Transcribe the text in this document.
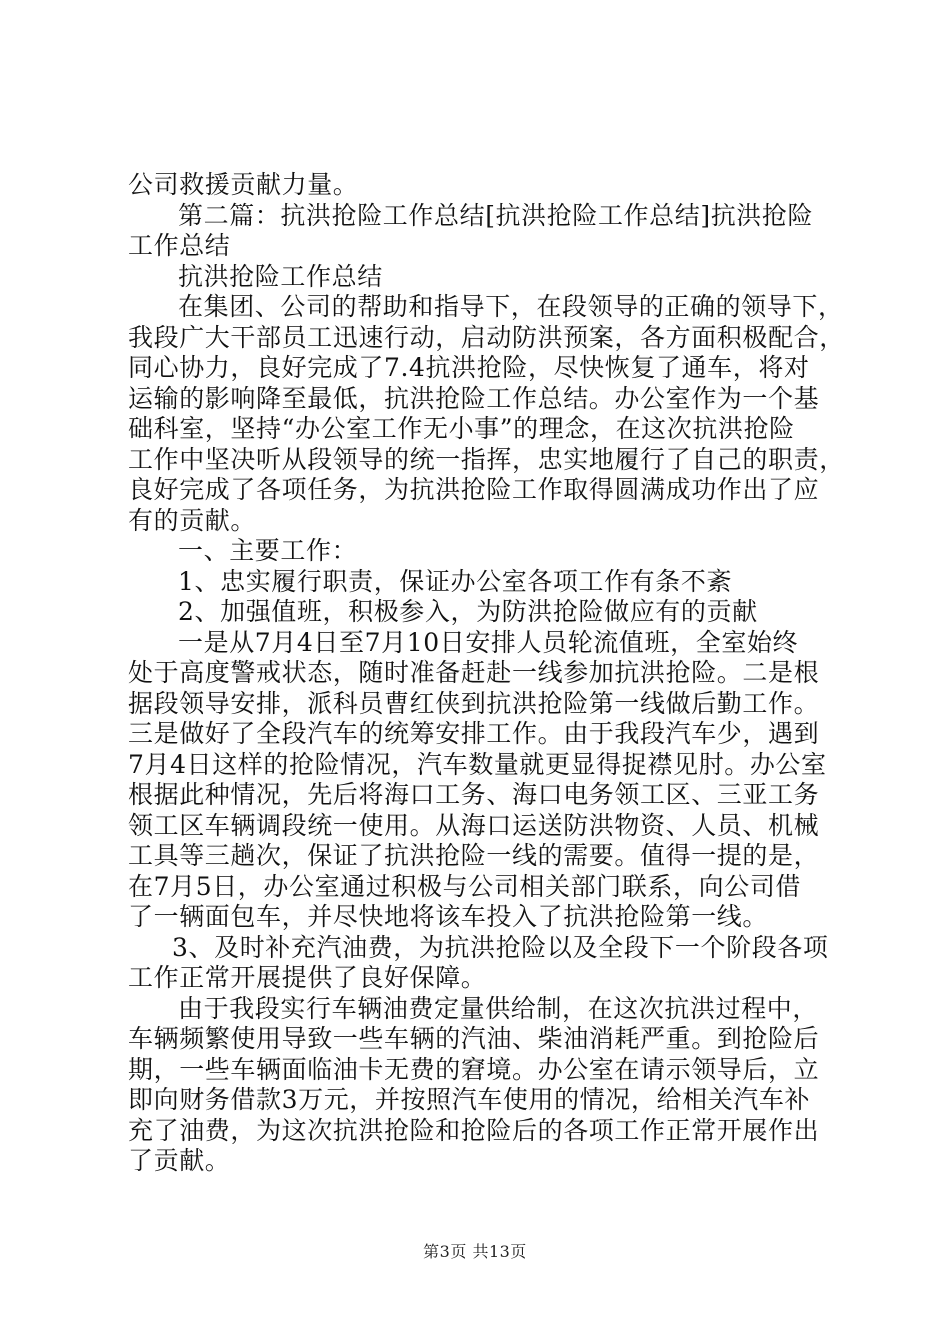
公司救援贡献力量。
第二篇：抗洪抢险工作总结[抗洪抢险工作总结]抗洪抢险
工作总结
抗洪抢险工作总结
在集团、公司的帮助和指导下，在段领导的正确的领导下，
我段广大干部员工迅速行动，启动防洪预案，各方面积极配合，
同心协力，良好完成了7.4抗洪抢险，尽快恢复了通车，将对
运输的影响降至最低，抗洪抢险工作总结。办公室作为一个基
础科室，坚持“办公室工作无小事”的理念，在这次抗洪抢险
工作中坚决听从段领导的统一指挥，忠实地履行了自己的职责，
良好完成了各项任务，为抗洪抢险工作取得圆满成功作出了应
有的贡献。
一、主要工作：
1、忠实履行职责，保证办公室各项工作有条不紊
2、加强值班，积极参入，为防洪抢险做应有的贡献
一是从7月4日至7月10日安排人员轮流值班，全室始终
处于高度警戒状态，随时准备赶赴一线参加抗洪抢险。二是根
据段领导安排，派科员曹红侠到抗洪抢险第一线做后勤工作。
三是做好了全段汽车的统筹安排工作。由于我段汽车少，遇到
7月4日这样的抢险情况，汽车数量就更显得捉襟见肘。办公室
根据此种情况，先后将海口工务、海口电务领工区、三亚工务
领工区车辆调段统一使用。从海口运送防洪物资、人员、机械
工具等三趟次，保证了抗洪抢险一线的需要。值得一提的是，
在7月5日，办公室通过积极与公司相关部门联系，向公司借
了一辆面包车，并尽快地将该车投入了抗洪抢险第一线。
3、及时补充汽油费，为抗洪抢险以及全段下一个阶段各项
工作正常开展提供了良好保障。
由于我段实行车辆油费定量供给制，在这次抗洪过程中，
车辆频繁使用导致一些车辆的汽油、柴油消耗严重。到抢险后
期，一些车辆面临油卡无费的窘境。办公室在请示领导后，立
即向财务借款3万元，并按照汽车使用的情况，给相关汽车补
充了油费，为这次抗洪抢险和抢险后的各项工作正常开展作出
了贡献。
第3页 共13页
